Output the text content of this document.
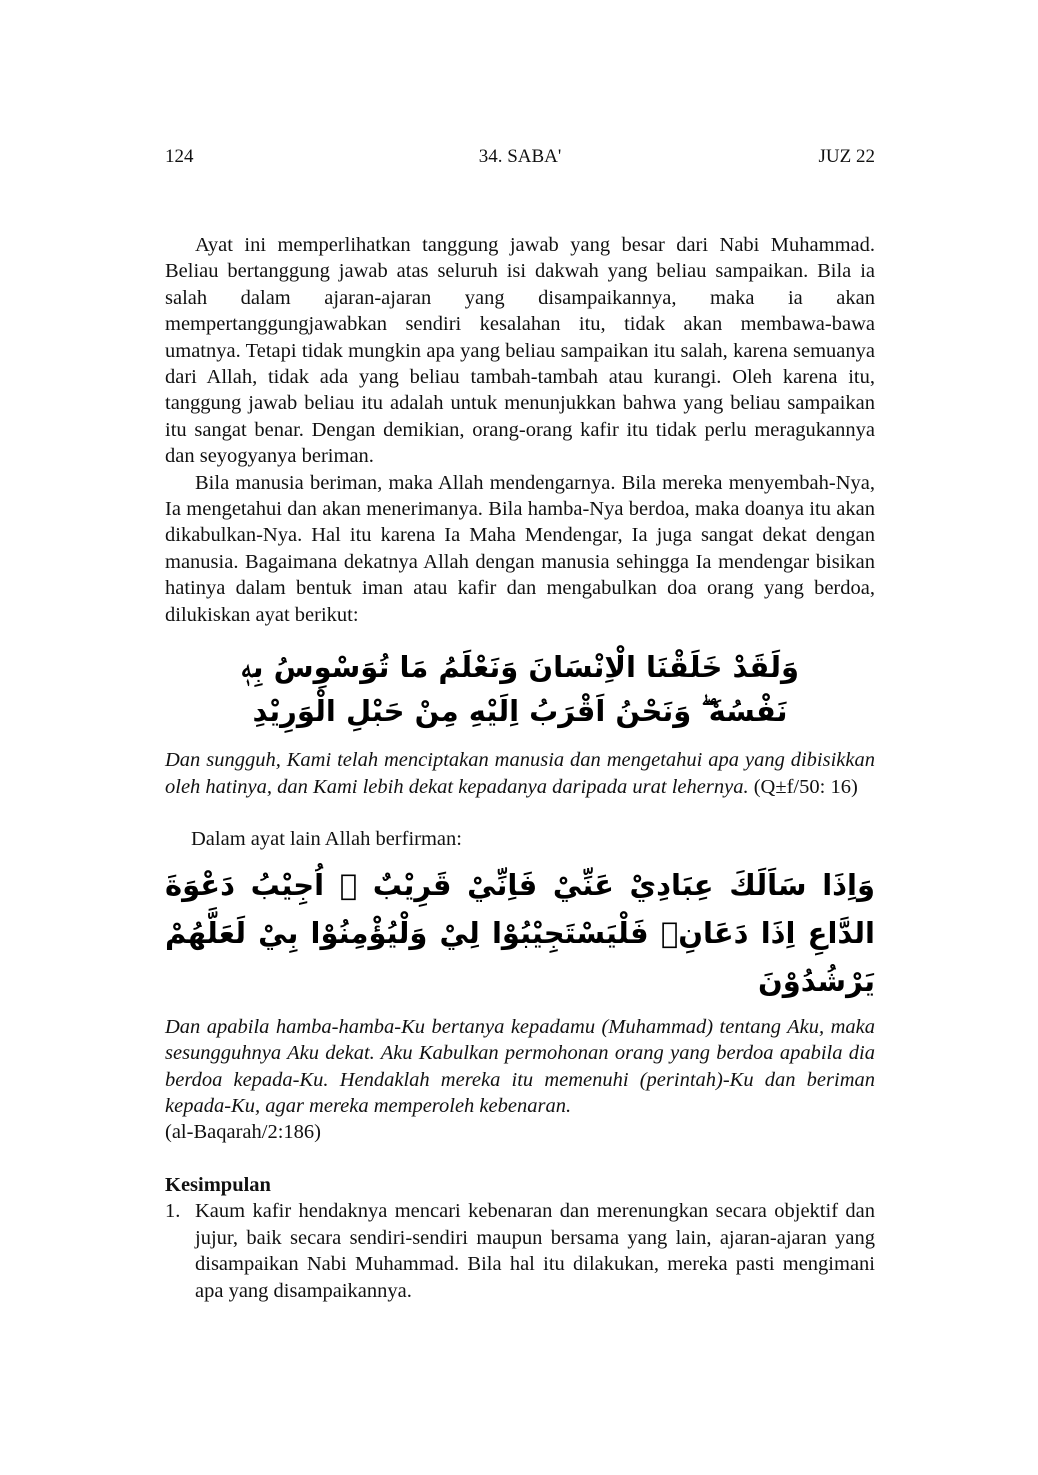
124	34. SABA'	JUZ 22

Ayat ini memperlihatkan tanggung jawab yang besar dari Nabi Muhammad. Beliau bertanggung jawab atas seluruh isi dakwah yang beliau sampaikan. Bila ia salah dalam ajaran-ajaran yang disampaikannya, maka ia akan mempertanggungjawabkan sendiri kesalahan itu, tidak akan membawa-bawa umatnya. Tetapi tidak mungkin apa yang beliau sampaikan itu salah, karena semuanya dari Allah, tidak ada yang beliau tambah-tambah atau kurangi. Oleh karena itu, tanggung jawab beliau itu adalah untuk menunjukkan bahwa yang beliau sampaikan itu sangat benar. Dengan demikian, orang-orang kafir itu tidak perlu meragukannya dan seyogyanya beriman.

Bila manusia beriman, maka Allah mendengarnya. Bila mereka menyembah-Nya, Ia mengetahui dan akan menerimanya. Bila hamba-Nya berdoa, maka doanya itu akan dikabulkan-Nya. Hal itu karena Ia Maha Mendengar, Ia juga sangat dekat dengan manusia. Bagaimana dekatnya Allah dengan manusia sehingga Ia mendengar bisikan hatinya dalam bentuk iman atau kafir dan mengabulkan doa orang yang berdoa, dilukiskan ayat berikut:

وَلَقَدْ خَلَقْنَا الْاِنْسَانَ وَنَعْلَمُ مَا تُوَسْوِسُ بِهٖ نَفْسُهٗ ۖ وَنَحْنُ اَقْرَبُ اِلَيْهِ مِنْ حَبْلِ الْوَرِيْدِ

Dan sungguh, Kami telah menciptakan manusia dan mengetahui apa yang dibisikkan oleh hatinya, dan Kami lebih dekat kepadanya daripada urat lehernya. (Q±f/50: 16)

Dalam ayat lain Allah berfirman:

وَاِذَا سَاَلَكَ عِبَادِيْ عَنِّيْ فَاِنِّيْ قَرِيْبٌ ۗ اُجِيْبُ دَعْوَةَ الدَّاعِ اِذَا دَعَانِۙ فَلْيَسْتَجِيْبُوْا لِيْ وَلْيُؤْمِنُوْا بِيْ لَعَلَّهُمْ يَرْشُدُوْنَ

Dan apabila hamba-hamba-Ku bertanya kepadamu (Muhammad) tentang Aku, maka sesungguhnya Aku dekat. Aku Kabulkan permohonan orang yang berdoa apabila dia berdoa kepada-Ku. Hendaklah mereka itu memenuhi (perintah)-Ku dan beriman kepada-Ku, agar mereka memperoleh kebenaran.

(al-Baqarah/2:186)

Kesimpulan
1. Kaum kafir hendaknya mencari kebenaran dan merenungkan secara objektif dan jujur, baik secara sendiri-sendiri maupun bersama yang lain, ajaran-ajaran yang disampaikan Nabi Muhammad. Bila hal itu dilakukan, mereka pasti mengimani apa yang disampaikannya.
